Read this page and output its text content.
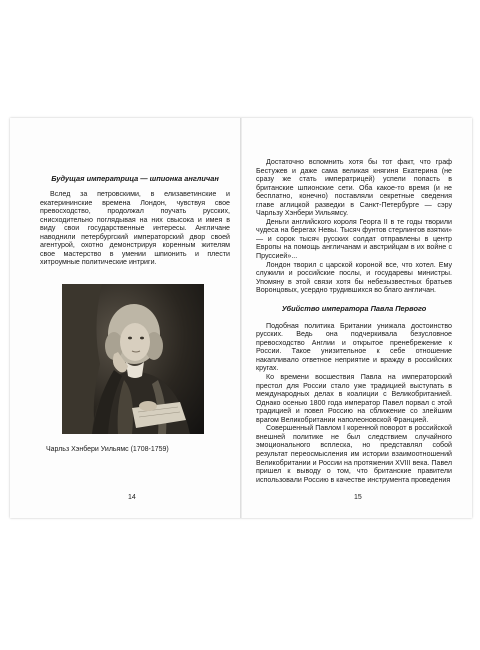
Будущая императрица — шпионка англичан

Вслед за петровскими, в елизаветинские и екатерининские времена Лондон, чувствуя свое превосходство, продолжал поучать русских, снисходительно поглядывая на них свысока и имея в виду свои государственные интересы. Англичане наводнили петербургский императорский двор своей агентурой, охотно демонстрируя коренным жителям свое мастерство в умении шпионить и плести хитроумные политические интриги.

Чарльз Хэнбери Уильямс (1708-1759)
14

Достаточно вспомнить хотя бы тот факт, что граф Бестужев и даже сама великая княгиня Екатерина (не сразу же стать императрицей) успели попасть в британские шпионские сети. Оба какое-то время (и не бесплатно, конечно) поставляли секретные сведения главе аглицкой разведки в Санкт-Петербурге — сэру Чарльзу Хэнбери Уильямсу.

Деньги английского короля Георга II в те годы творили чудеса на берегах Невы. Тысяч фунтов стерлингов взятки» — и сорок тысяч русских солдат отправлены в центр Европы на помощь англичанам и австрийцам в их войне с Пруссией»...

Лондон творил с царской короной все, что хотел. Ему служили и российские послы, и государевы министры. Упомяну в этой связи хотя бы небезызвестных братьев Воронцовых, усердно трудившихся во благо англичан.

Убийство императора Павла Первого

Подобная политика Британии унижала достоинство русских. Ведь она подчеркивала безусловное превосходство Англии и открытое пренебрежение к России. Такое унизительное к себе отношение накапливало ответное неприятие и вражду в российских кругах.

Ко времени восшествия Павла на императорский престол для России стало уже традицией выступать в международных делах в коалиции с Великобританией. Однако осенью 1800 года император Павел порвал с этой традицией и повел Россию на сближение со злейшим врагом Великобритании наполеоновской Францией.

Совершенный Павлом I коренной поворот в российской внешней политике не был следствием случайного эмоционального всплеска, но представлял собой результат переосмысления им истории взаимоотношений Великобритании и России на протяжении XVIII века. Павел пришел к выводу о том, что британские правители использовали Россию в качестве инструмента проведения

15
